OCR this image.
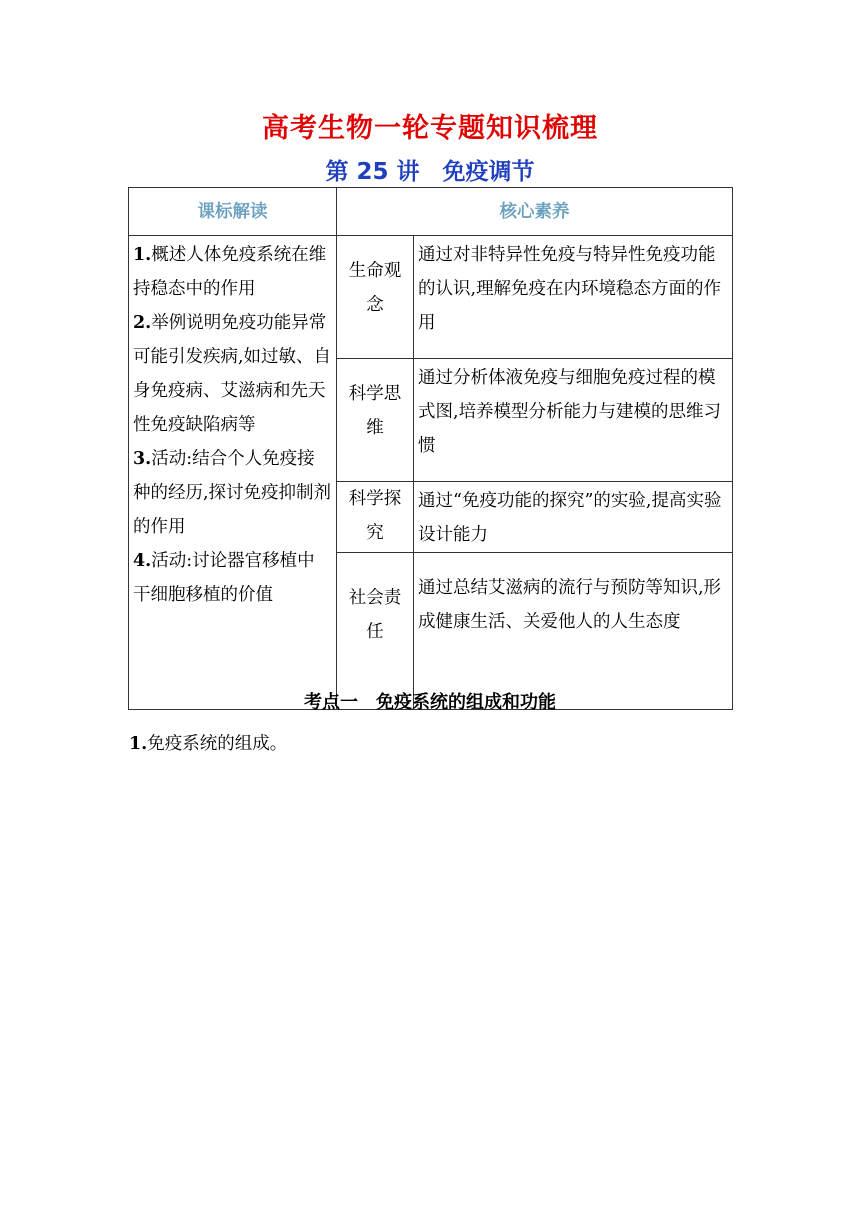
高考生物一轮专题知识梳理
第 25 讲　免疫调节
课标解读	核心素养	

1.概述人体免疫系统在维持稳态中的作用

2.举例说明免疫功能异常可能引发疾病,如过敏、自身免疫病、艾滋病和先天性免疫缺陷病等

3.活动:结合个人免疫接种的经历,探讨免疫抑制剂的作用

4.活动:讨论器官移植中干细胞移植的价值	生命观念	通过对非特异性免疫与特异性免疫功能的认识,理解免疫在内环境稳态方面的作用
	科学思维	通过分析体液免疫与细胞免疫过程的模式图,培养模型分析能力与建模的思维习惯
	科学探究	通过“免疫功能的探究”的实验,提高实验设计能力
	社会责任	通过总结艾滋病的流行与预防等知识,形成健康生活、关爱他人的人生态度
考点一　免疫系统的组成和功能
1.免疫系统的组成。
